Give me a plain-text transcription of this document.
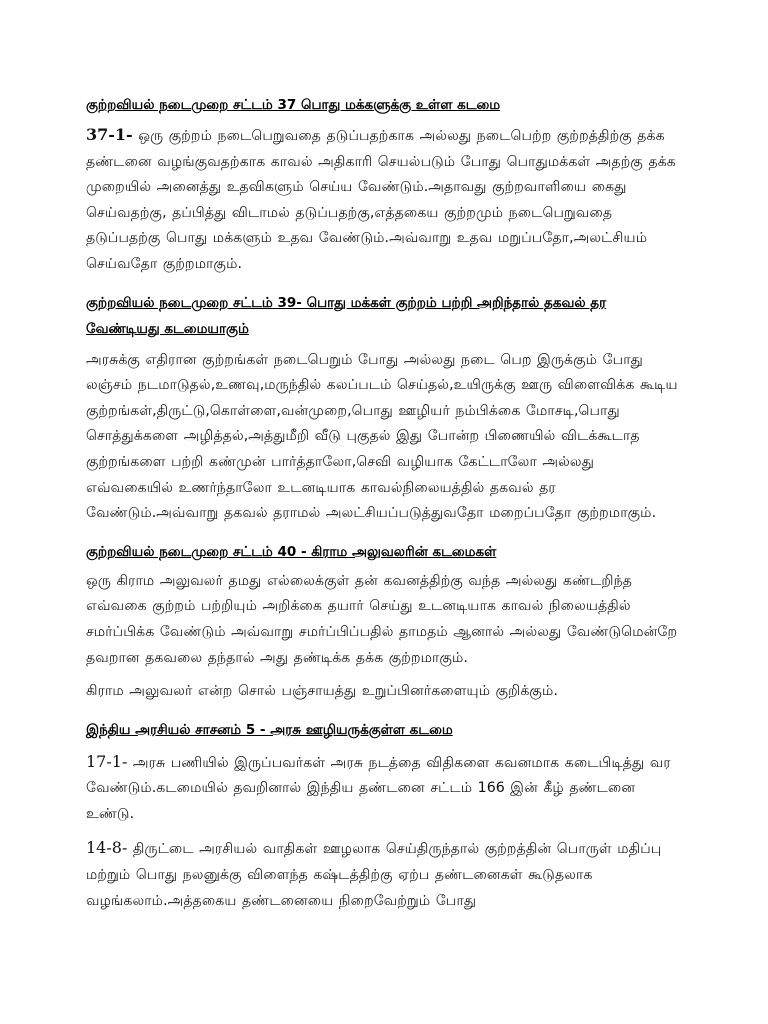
குற்றவியல் நடைமுறை சட்டம் 37 பொது மக்களுக்கு உள்ள கடமை

37-1- ஒரு குற்றம் நடைபெறுவதை தடுப்பதற்காக அல்லது நடைபெற்ற குற்றத்திற்கு தக்க தண்டனை வழங்குவதற்காக காவல் அதிகாரி செயல்படும் போது பொதுமக்கள் அதற்கு தக்க முறையில் அனைத்து உதவிகளும் செய்ய வேண்டும்.அதாவது குற்றவாளியை கைது செய்வதற்கு, தப்பித்து விடாமல் தடுப்பதற்கு,எத்தகைய குற்றமும் நடைபெறுவதை தடுப்பதற்கு பொது மக்களும் உதவ வேண்டும்.அவ்வாறு உதவ மறுப்பதோ,அலட்சியம் செய்வதோ குற்றமாகும்.

குற்றவியல் நடைமுறை சட்டம் 39- பொது மக்கள் குற்றம் பற்றி அறிந்தால் தகவல் தர வேண்டியது கடமையாகும்

அரசுக்கு எதிரான குற்றங்கள் நடைபெறும் போது அல்லது நடை பெற இருக்கும் போது லஞ்சம் நடமாடுதல்,உணவு,மருந்தில் கலப்படம் செய்தல்,உயிருக்கு ஊரு விளைவிக்க கூடிய குற்றங்கள்,திருட்டு,கொள்ளை,வன்முறை,பொது ஊழியர் நம்பிக்கை மோசடி,பொது சொத்துக்களை அழித்தல்,அத்துமீறி வீடு புகுதல் இது போன்ற பிணையில் விடக்கூடாத குற்றங்களை பற்றி கண்முன் பார்த்தாலோ,செவி வழியாக கேட்டாலோ அல்லது எவ்வகையில் உணர்ந்தாலோ உடனடியாக காவல்நிலையத்தில் தகவல் தர வேண்டும்.அவ்வாறு தகவல் தராமல் அலட்சியப்படுத்துவதோ மறைப்பதோ குற்றமாகும்.

குற்றவியல் நடைமுறை சட்டம் 40 - கிராம அலுவலரின் கடமைகள்

ஒரு கிராம அலுவலர் தமது எல்லைக்குள் தன் கவனத்திற்கு வந்த அல்லது கண்டறிந்த எவ்வகை குற்றம் பற்றியும் அறிக்கை தயார் செய்து உடனடியாக காவல் நிலையத்தில் சமர்ப்பிக்க வேண்டும் அவ்வாறு சமர்ப்பிப்பதில் தாமதம் ஆனால் அல்லது வேண்டுமென்றே தவறான தகவலை தந்தால் அது தண்டிக்க தக்க குற்றமாகும்.

கிராம அலுவலர் என்ற சொல் பஞ்சாயத்து உறுப்பினர்களையும் குறிக்கும்.

இந்திய அரசியல் சாசனம் 5 - அரசு ஊழியருக்குள்ள கடமை

17-1- அரசு பணியில் இருப்பவர்கள் அரசு நடத்தை விதிகளை கவனமாக கடைபிடித்து வர வேண்டும்.கடமையில் தவறினால் இந்திய தண்டனை சட்டம் 166 இன் கீழ் தண்டனை உண்டு.

14-8- திருட்டை அரசியல் வாதிகள் ஊழலாக செய்திருந்தால் குற்றத்தின் பொருள் மதிப்பு மற்றும் பொது நலனுக்கு விளைந்த கஷ்டத்திற்கு ஏற்ப தண்டனைகள் கூடுதலாக வழங்கலாம்.அத்தகைய தண்டனையை நிறைவேற்றும் போது
